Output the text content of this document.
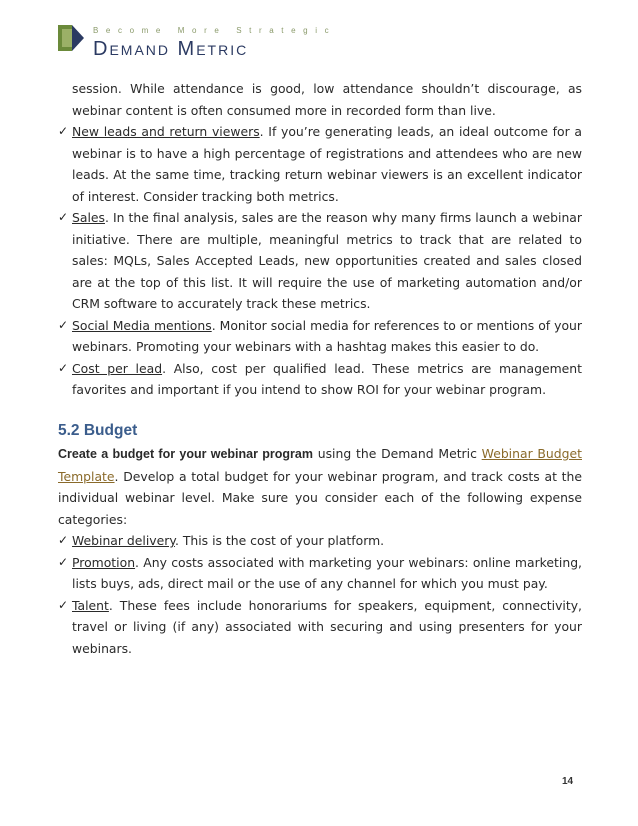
Become More Strategic
Demand Metric
session. While attendance is good, low attendance shouldn’t discourage, as webinar content is often consumed more in recorded form than live.
✓ New leads and return viewers. If you’re generating leads, an ideal outcome for a webinar is to have a high percentage of registrations and attendees who are new leads. At the same time, tracking return webinar viewers is an excellent indicator of interest. Consider tracking both metrics.
✓ Sales. In the final analysis, sales are the reason why many firms launch a webinar initiative. There are multiple, meaningful metrics to track that are related to sales: MQLs, Sales Accepted Leads, new opportunities created and sales closed are at the top of this list. It will require the use of marketing automation and/or CRM software to accurately track these metrics.
✓ Social Media mentions. Monitor social media for references to or mentions of your webinars. Promoting your webinars with a hashtag makes this easier to do.
✓ Cost per lead. Also, cost per qualified lead. These metrics are management favorites and important if you intend to show ROI for your webinar program.
5.2 Budget
Create a budget for your webinar program using the Demand Metric Webinar Budget Template. Develop a total budget for your webinar program, and track costs at the individual webinar level. Make sure you consider each of the following expense categories:
✓ Webinar delivery. This is the cost of your platform.
✓ Promotion. Any costs associated with marketing your webinars: online marketing, lists buys, ads, direct mail or the use of any channel for which you must pay.
✓ Talent. These fees include honorariums for speakers, equipment, connectivity, travel or living (if any) associated with securing and using presenters for your webinars.
14
